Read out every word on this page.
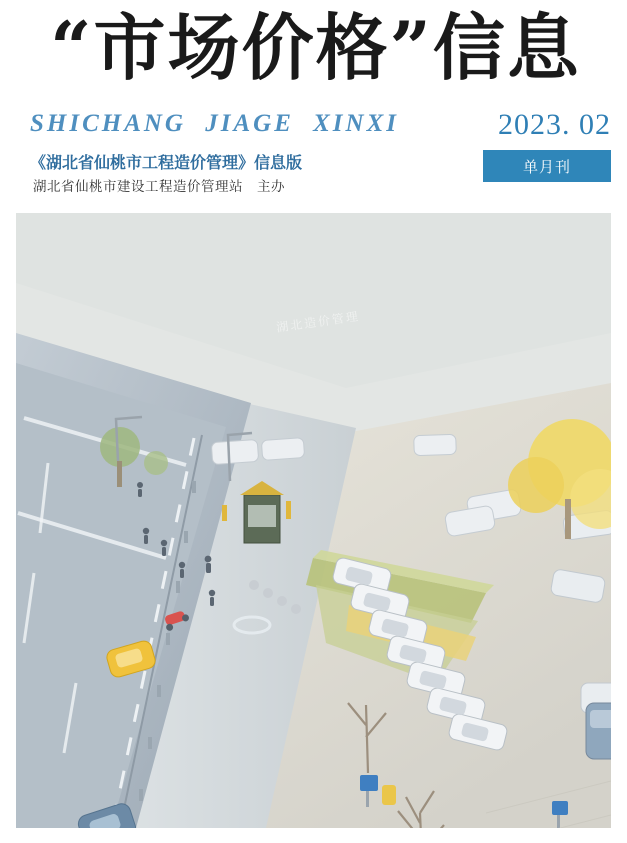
“市场价格”信息
SHICHANG JIAGE XINXI
《湖北省仙桃市工程造价管理》信息版
湖北省仙桃市建设工程造价管理站　主办
2023. 02
单月刊
湖北造价管理
